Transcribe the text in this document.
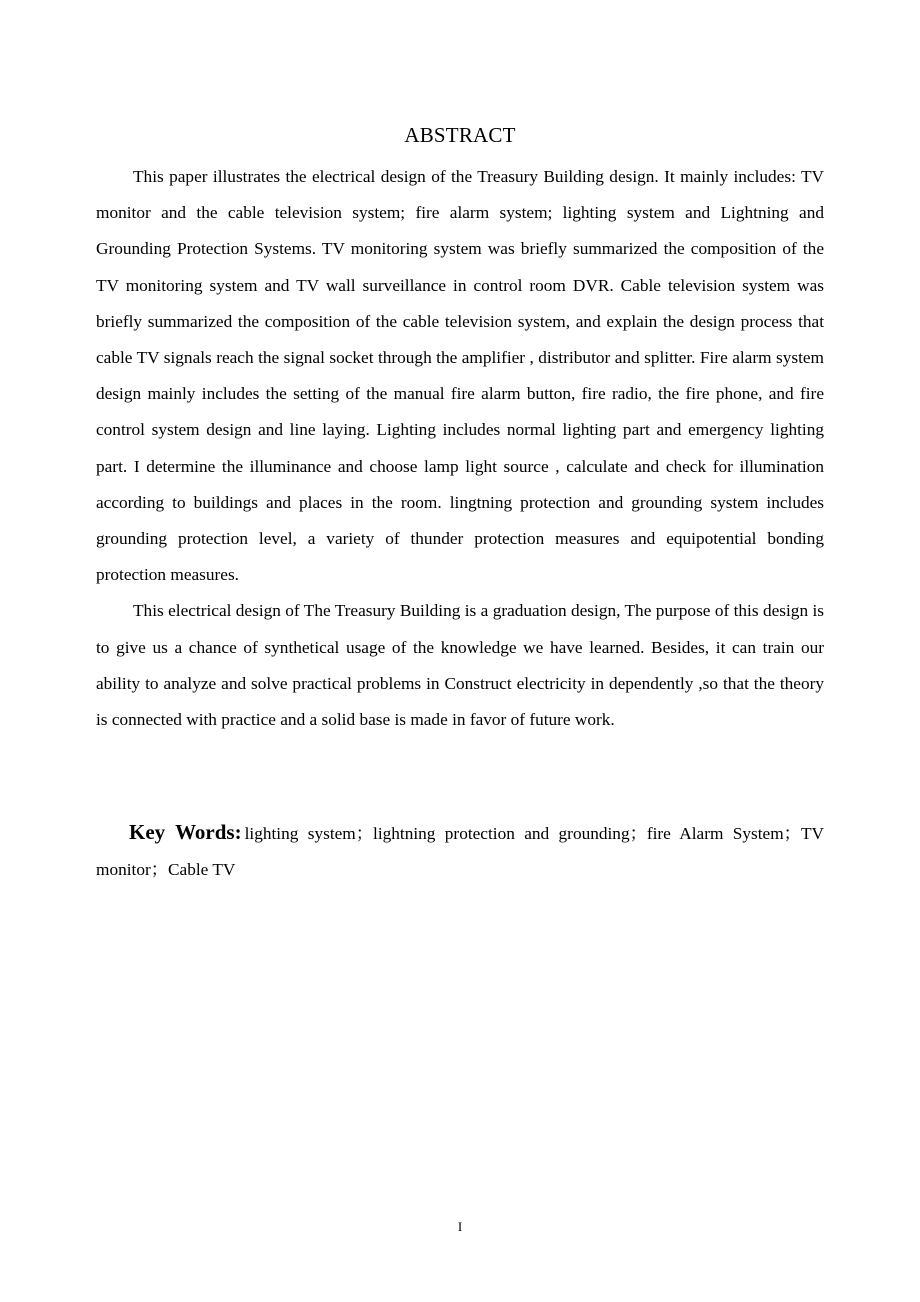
ABSTRACT

This paper illustrates the electrical design of the Treasury Building design. It mainly includes: TV monitor and the cable television system; fire alarm system; lighting system and Lightning and Grounding Protection Systems. TV monitoring system was briefly summarized the composition of the TV monitoring system and TV wall surveillance in control room DVR. Cable television system was briefly summarized the composition of the cable television system, and explain the design process that cable TV signals reach the signal socket through the amplifier , distributor and splitter. Fire alarm system design mainly includes the setting of the manual fire alarm button, fire radio, the fire phone, and fire control system design and line laying. Lighting includes normal lighting part and emergency lighting part. I determine the illuminance and choose lamp light source , calculate and check for illumination according to buildings and places in the room. lingtning protection and grounding system includes grounding protection level, a variety of thunder protection measures and equipotential bonding protection measures.

This electrical design of The Treasury Building is a graduation design, The purpose of this design is to give us a chance of synthetical usage of the knowledge we have learned. Besides, it can train our ability to analyze and solve practical problems in Construct electricity in dependently ,so that the theory is connected with practice and a solid base is made in favor of future work.

Key Words: lighting system；lightning protection and grounding；fire Alarm System；TV monitor；Cable TV
I
